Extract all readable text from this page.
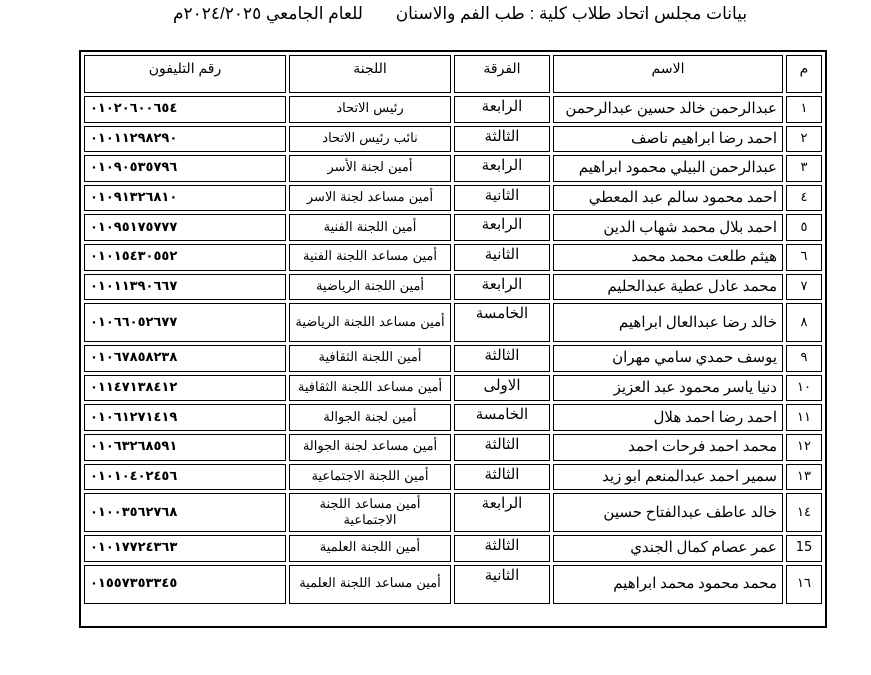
بيانات مجلس اتحاد طلاب كلية : طب الفم والاسنان للعام الجامعي ٢٠٢٤/٢٠٢٥م
م	الاسم	الفرقة	اللجنة	رقم التليفون
١	عبدالرحمن خالد حسين عبدالرحمن	الرابعة	رئيس الاتحاد	٠١٠٢٠٦٠٠٦٥٤
٢	احمد رضا ابراهيم ناصف	الثالثة	نائب رئيس الاتحاد	٠١٠١١٢٩٨٢٩٠
٣	عبدالرحمن البيلي محمود ابراهيم	الرابعة	أمين لجنة الأسر	٠١٠٩٠٥٣٥٧٩٦
٤	احمد محمود سالم عبد المعطي	الثانية	أمين مساعد لجنة الاسر	٠١٠٩١٣٢٦٨١٠
٥	احمد بلال محمد شهاب الدين	الرابعة	أمين اللجنة الفنية	٠١٠٩٥١٧٥٧٧٧
٦	هيثم طلعت محمد محمد	الثانية	أمين مساعد اللجنة الفنية	٠١٠١٥٤٣٠٥٥٢
٧	محمد عادل عطية عبدالحليم	الرابعة	أمين اللجنة الرياضية	٠١٠١١٣٩٠٦٦٧
٨	خالد رضا عبدالعال ابراهيم	الخامسة	أمين مساعد اللجنة الرياضية	٠١٠٦٦٠٥٢٦٧٧
٩	يوسف حمدي سامي مهران	الثالثة	أمين اللجنة الثقافية	٠١٠٦٧٨٥٨٢٣٨
١٠	دنيا ياسر محمود عبد العزيز	الاولى	أمين مساعد اللجنة الثقافية	٠١١٤٧١٣٨٤١٢
١١	احمد رضا احمد هلال	الخامسة	أمين لجنة الجوالة	٠١٠٦١٢٧١٤١٩
١٢	محمد احمد فرحات احمد	الثالثة	أمين مساعد لجنة الجوالة	٠١٠٦٣٢٦٨٥٩١
١٣	سمير احمد عبدالمنعم ابو زيد	الثالثة	أمين اللجنة الاجتماعية	٠١٠١٠٤٠٢٤٥٦
١٤	خالد عاطف عبدالفتاح حسين	الرابعة	أمين مساعد اللجنة الاجتماعية	٠١٠٠٣٥٦٢٧٦٨
15	عمر عصام كمال الجندي	الثالثة	أمين اللجنة العلمية	٠١٠١٧٧٢٤٣٦٣
١٦	محمد محمود محمد ابراهيم	الثانية	أمين مساعد اللجنة العلمية	٠١٥٥٧٣٥٣٣٤٥
